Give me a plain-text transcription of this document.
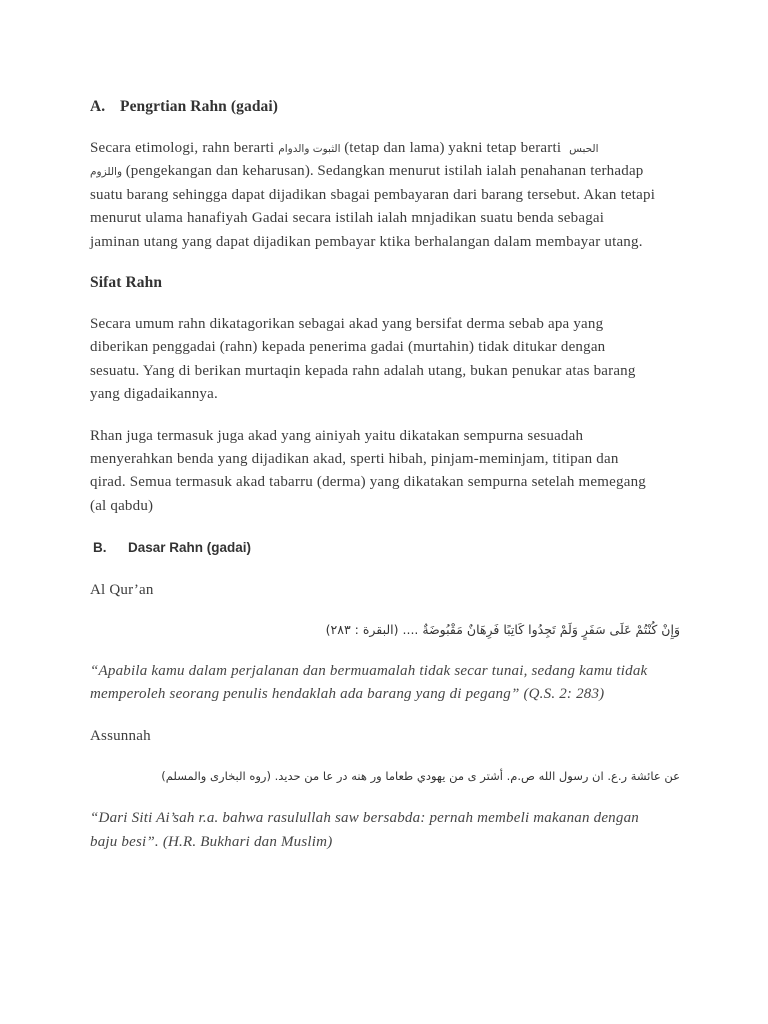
A.

Pengrtian Rahn (gadai)

Secara etimologi, rahn berarti الثبوت والدوام (tetap dan lama) yakni tetap berarti  الحبس
واللزوم (pengekangan dan keharusan). Sedangkan menurut istilah ialah penahanan terhadap
suatu barang sehingga dapat dijadikan sbagai pembayaran dari barang tersebut. Akan tetapi
menurut ulama hanafiyah Gadai secara istilah ialah mnjadikan suatu benda sebagai
jaminan utang yang dapat dijadikan pembayar ktika berhalangan dalam membayar utang.
Sifat Rahn
Secara umum rahn dikatagorikan sebagai akad yang bersifat derma sebab apa yang
diberikan penggadai (rahn) kepada penerima gadai (murtahin) tidak ditukar dengan
sesuatu. Yang di berikan murtaqin kepada rahn adalah utang, bukan penukar atas barang
yang digadaikannya.
Rhan juga termasuk juga akad yang ainiyah yaitu dikatakan sempurna sesuadah
menyerahkan benda yang dijadikan akad, sperti hibah, pinjam-meminjam, titipan dan
qirad. Semua termasuk akad tabarru (derma) yang dikatakan sempurna setelah memegang
(al qabdu)

B.

Dasar Rahn (gadai)

Al Qur’an
وَإِنْ كُنْتُمْ عَلَى سَفَرٍ وَلَمْ تَجِدُوا كَاتِبًا فَرِهَانٌ مَقْبُوضَةٌ .... (البقرة : ٢٨٣)
“Apabila kamu dalam perjalanan dan bermuamalah tidak secar tunai, sedang kamu tidak
memperoleh seorang penulis hendaklah ada barang yang di pegang” (Q.S. 2: 283)
Assunnah
عن عائشة ر.ع. ان رسول الله ص.م. أشتر ى من يهودي طعاما ور هنه در عا من حديد. (روه البخارى والمسلم)
“Dari Siti Ai’sah r.a. bahwa rasulullah saw bersabda: pernah membeli makanan dengan
baju besi”. (H.R. Bukhari dan Muslim)
